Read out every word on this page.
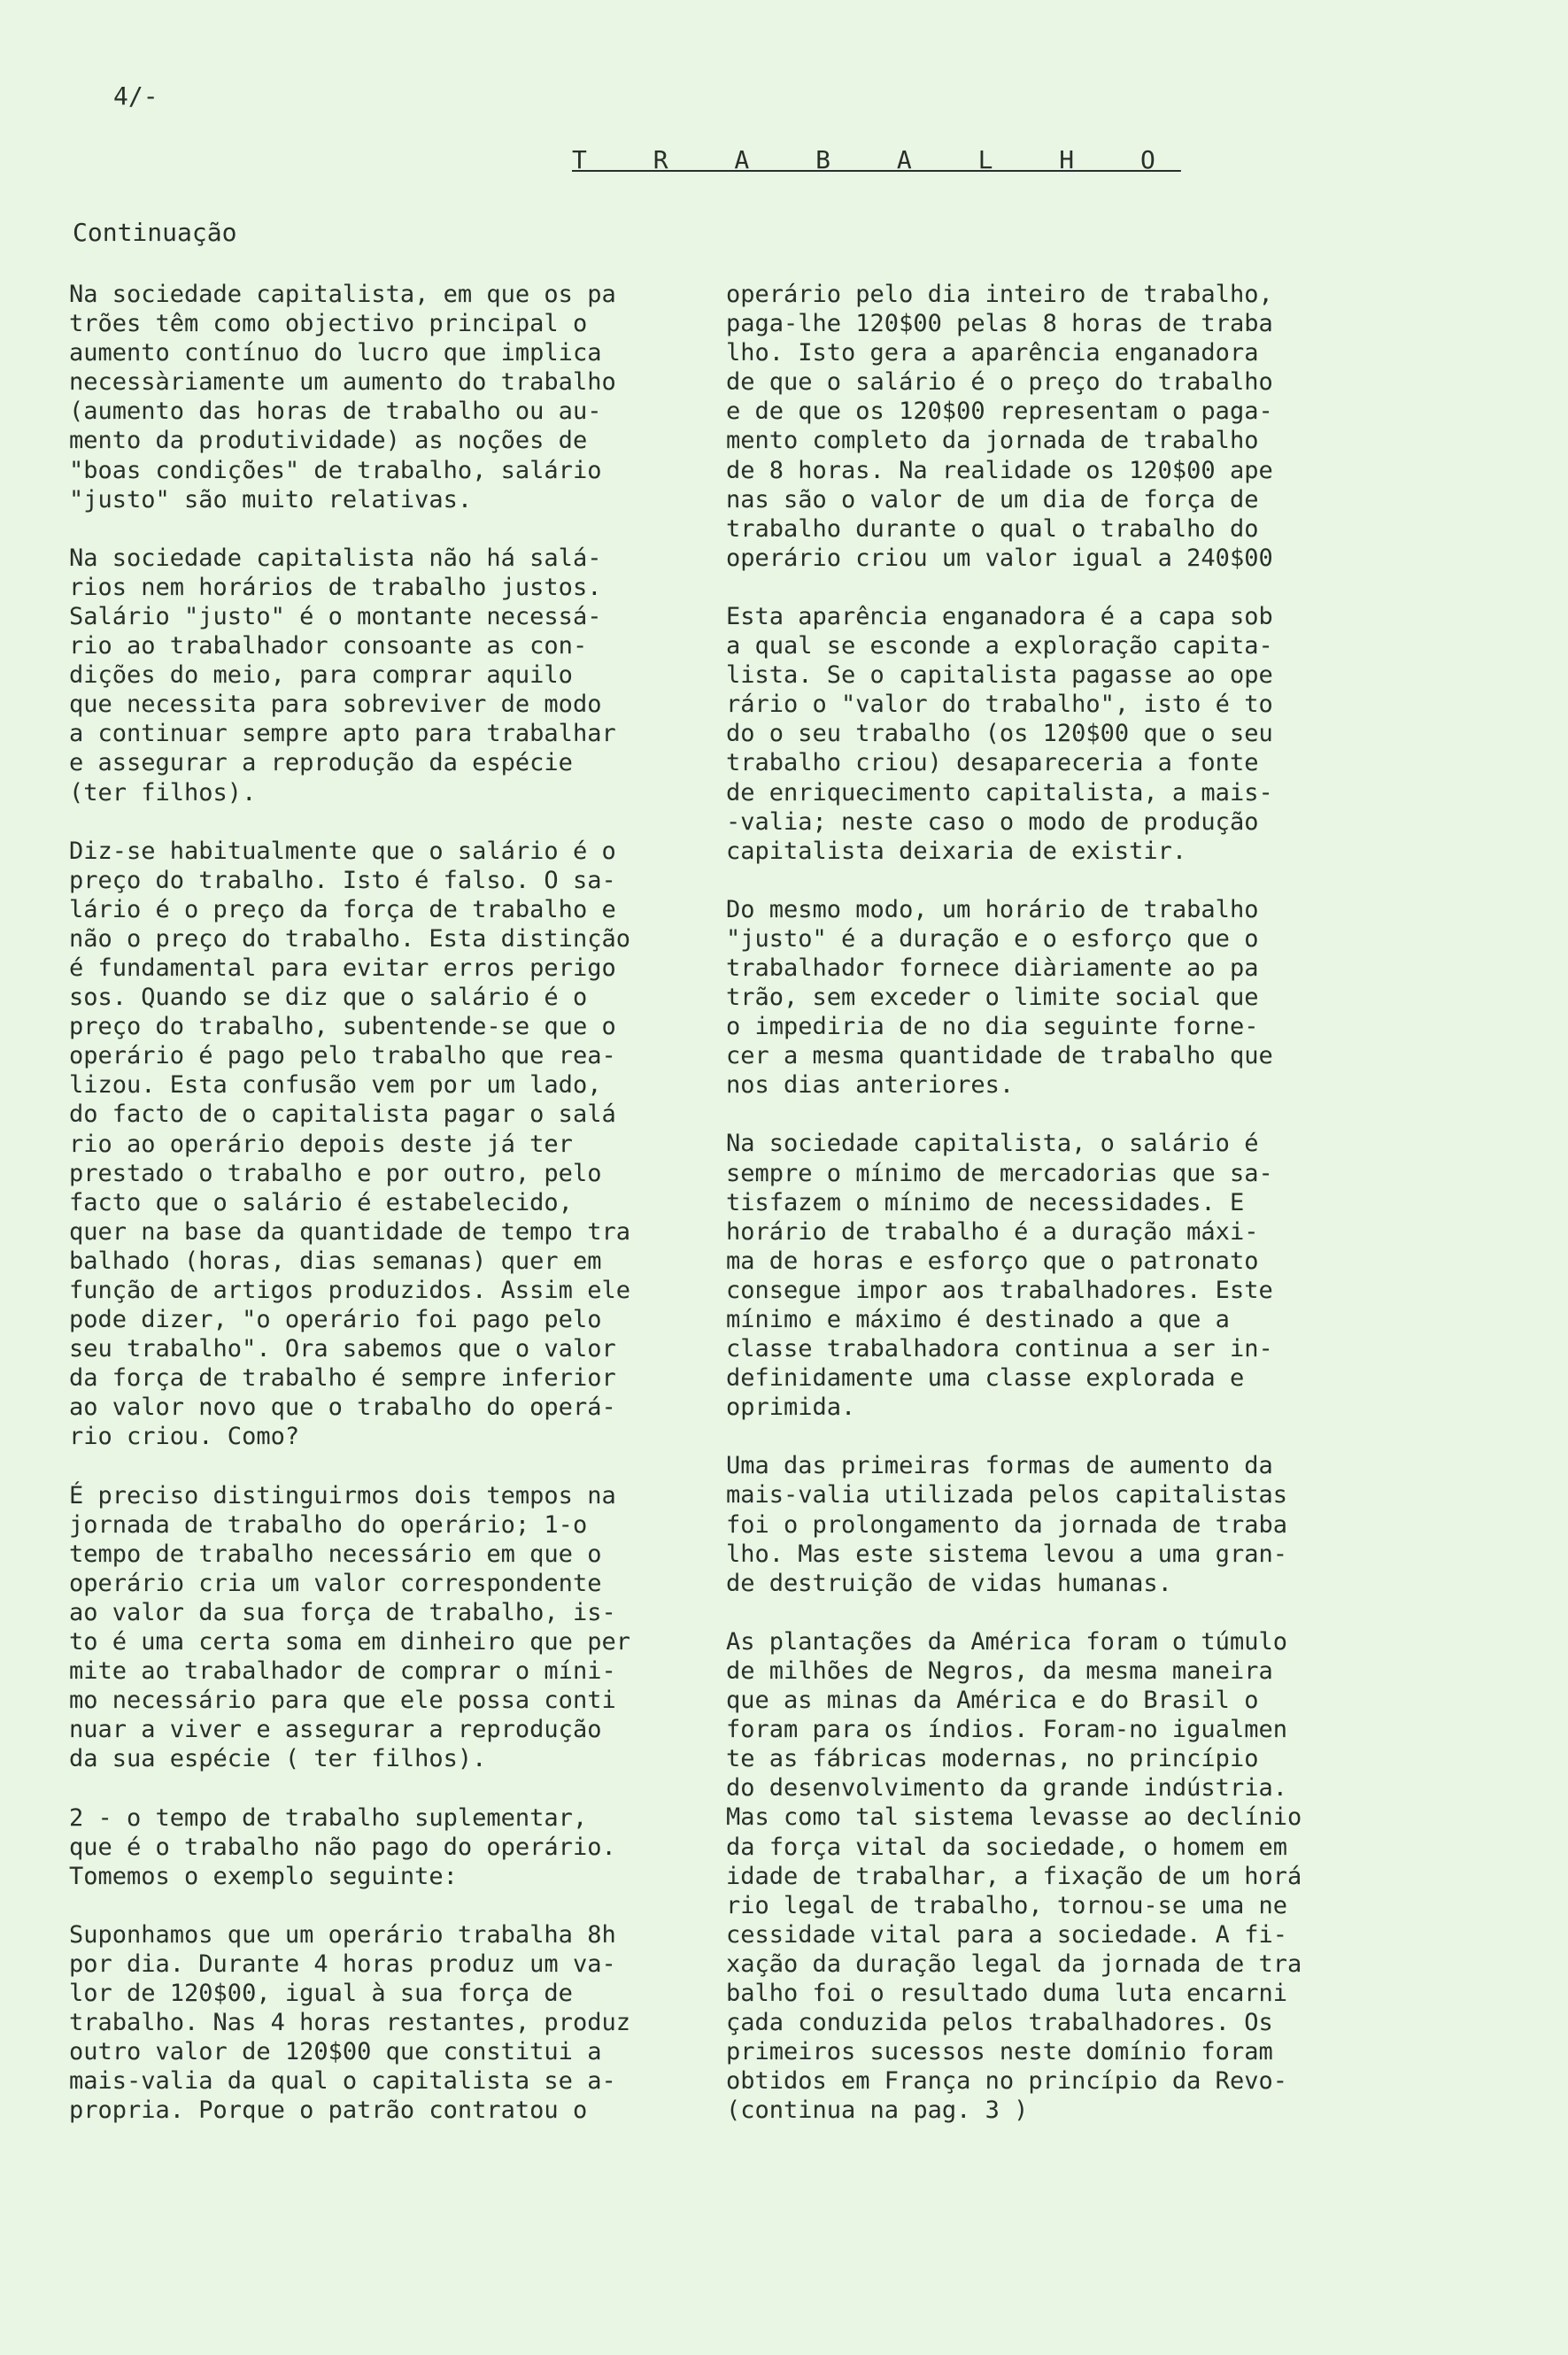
4/-
T R A B A L H O
Continuação
Na sociedade capitalista, em que os pa
trões têm como objectivo principal o
aumento contínuo do lucro que implica
necessàriamente um aumento do trabalho
(aumento das horas de trabalho ou au-
mento da produtividade) as noções de
"boas condições" de trabalho, salário
"justo" são muito relativas.
Na sociedade capitalista não há salá-
rios nem horários de trabalho justos.
Salário "justo" é o montante necessá-
rio ao trabalhador consoante as con-
dições do meio, para comprar aquilo
que necessita para sobreviver de modo
a continuar sempre apto para trabalhar
e assegurar a reprodução da espécie
(ter filhos).
Diz-se habitualmente que o salário é o
preço do trabalho. Isto é falso. O sa-
lário é o preço da força de trabalho e
não o preço do trabalho. Esta distinção
é fundamental para evitar erros perigo
sos. Quando se diz que o salário é o
preço do trabalho, subentende-se que o
operário é pago pelo trabalho que rea-
lizou. Esta confusão vem por um lado,
do facto de o capitalista pagar o salá
rio ao operário depois deste já ter
prestado o trabalho e por outro, pelo
facto que o salário é estabelecido,
quer na base da quantidade de tempo tra
balhado (horas, dias semanas) quer em
função de artigos produzidos. Assim ele
pode dizer, "o operário foi pago pelo
seu trabalho". Ora sabemos que o valor
da força de trabalho é sempre inferior
ao valor novo que o trabalho do operá-
rio criou. Como?
É preciso distinguirmos dois tempos na
jornada de trabalho do operário; 1-o
tempo de trabalho necessário em que o
operário cria um valor correspondente
ao valor da sua força de trabalho, is-
to é uma certa soma em dinheiro que per
mite ao trabalhador de comprar o míni-
mo necessário para que ele possa conti
nuar a viver e assegurar a reprodução
da sua espécie ( ter filhos).
2 - o tempo de trabalho suplementar,
que é o trabalho não pago do operário.
Tomemos o exemplo seguinte:
Suponhamos que um operário trabalha 8h
por dia. Durante 4 horas produz um va-
lor de 120$00, igual à sua força de
trabalho. Nas 4 horas restantes, produz
outro valor de 120$00 que constitui a
mais-valia da qual o capitalista se a-
propria. Porque o patrão contratou o
operário pelo dia inteiro de trabalho,
paga-lhe 120$00 pelas 8 horas de traba
lho. Isto gera a aparência enganadora
de que o salário é o preço do trabalho
e de que os 120$00 representam o paga-
mento completo da jornada de trabalho
de 8 horas. Na realidade os 120$00 ape
nas são o valor de um dia de força de
trabalho durante o qual o trabalho do
operário criou um valor igual a 240$00
Esta aparência enganadora é a capa sob
a qual se esconde a exploração capita-
lista. Se o capitalista pagasse ao ope
rário o "valor do trabalho", isto é to
do o seu trabalho (os 120$00 que o seu
trabalho criou) desapareceria a fonte
de enriquecimento capitalista, a mais-
-valia; neste caso o modo de produção
capitalista deixaria de existir.
Do mesmo modo, um horário de trabalho
"justo" é a duração e o esforço que o
trabalhador fornece diàriamente ao pa
trão, sem exceder o limite social que
o impediria de no dia seguinte forne-
cer a mesma quantidade de trabalho que
nos dias anteriores.
Na sociedade capitalista, o salário é
sempre o mínimo de mercadorias que sa-
tisfazem o mínimo de necessidades. E
horário de trabalho é a duração máxi-
ma de horas e esforço que o patronato
consegue impor aos trabalhadores. Este
mínimo e máximo é destinado a que a
classe trabalhadora continua a ser in-
definidamente uma classe explorada e
oprimida.
Uma das primeiras formas de aumento da
mais-valia utilizada pelos capitalistas
foi o prolongamento da jornada de traba
lho. Mas este sistema levou a uma gran-
de destruição de vidas humanas.
As plantações da América foram o túmulo
de milhões de Negros, da mesma maneira
que as minas da América e do Brasil o
foram para os índios. Foram-no igualmen
te as fábricas modernas, no princípio
do desenvolvimento da grande indústria.
Mas como tal sistema levasse ao declínio
da força vital da sociedade, o homem em
idade de trabalhar, a fixação de um horá
rio legal de trabalho, tornou-se uma ne
cessidade vital para a sociedade. A fi-
xação da duração legal da jornada de tra
balho foi o resultado duma luta encarni
çada conduzida pelos trabalhadores. Os
primeiros sucessos neste domínio foram
obtidos em França no princípio da Revo-
(continua na pag. 3 )
